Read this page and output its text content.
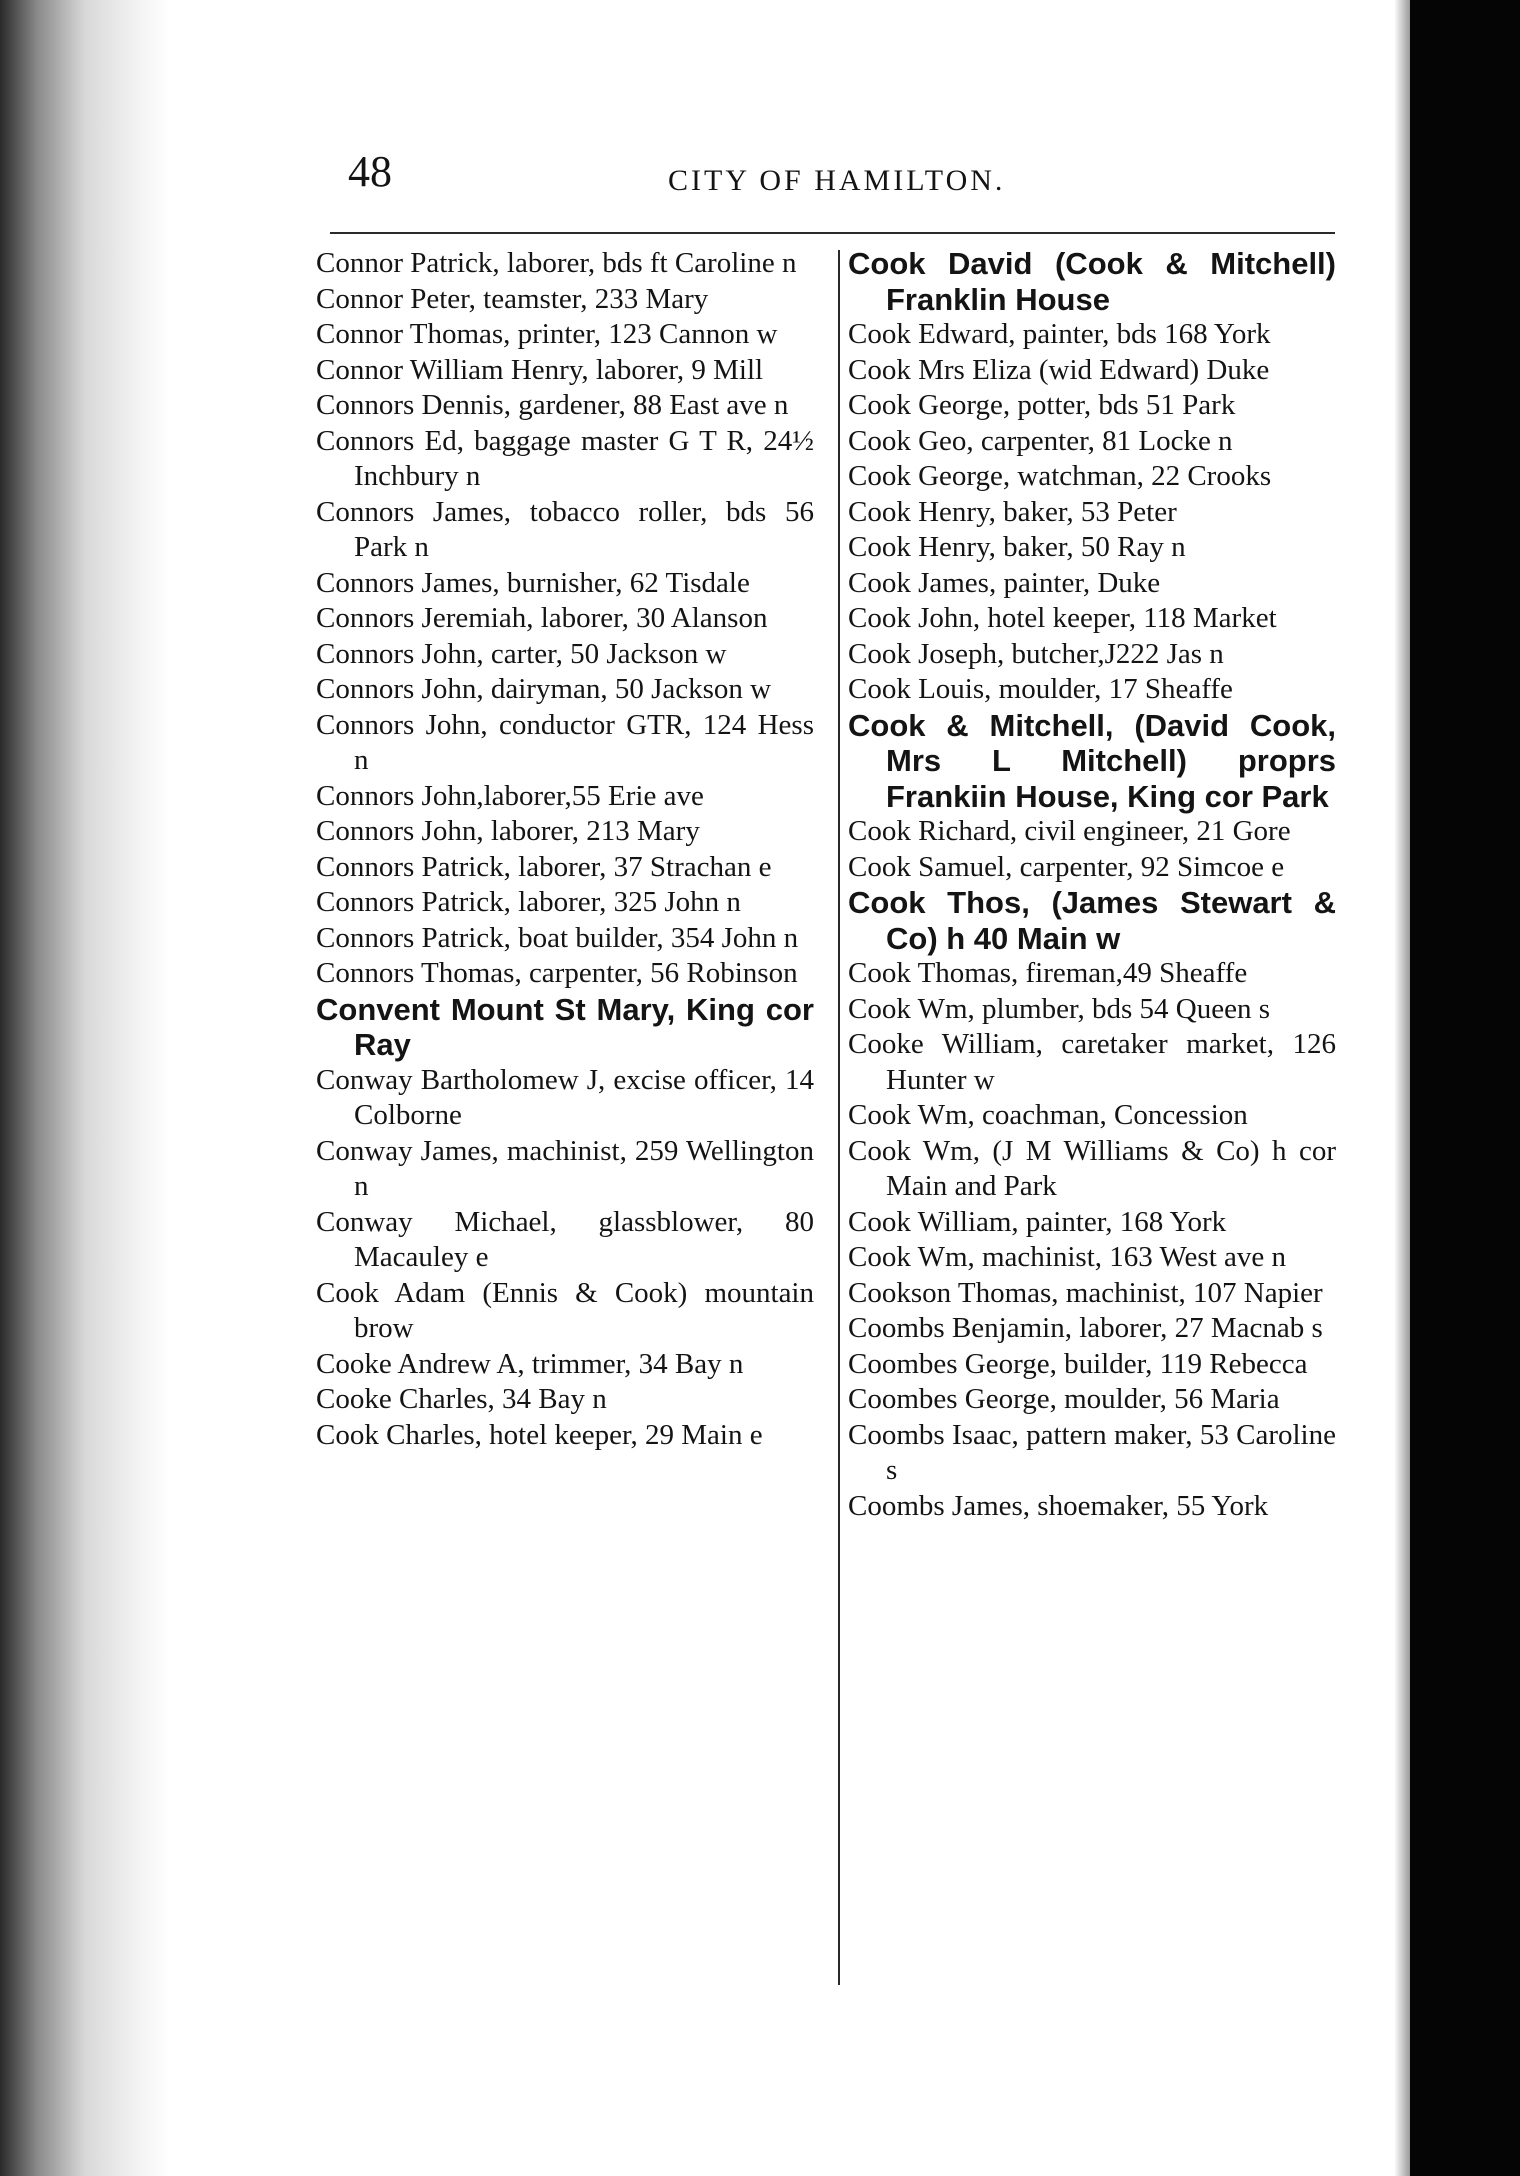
48	CITY OF HAMILTON.
Connor Patrick, laborer, bds ft Caroline n
Connor Peter, teamster, 233 Mary
Connor Thomas, printer, 123 Cannon w
Connor William Henry, laborer, 9 Mill
Connors Dennis, gardener, 88 East ave n
Connors Ed, baggage master G T R, 24½ Inchbury n
Connors James, tobacco roller, bds 56 Park n
Connors James, burnisher, 62 Tisdale
Connors Jeremiah, laborer, 30 Alanson
Connors John, carter, 50 Jackson w
Connors John, dairyman, 50 Jackson w
Connors John, conductor GTR, 124 Hess n
Connors John,laborer,55 Erie ave
Connors John, laborer, 213 Mary
Connors Patrick, laborer, 37 Strachan e
Connors Patrick, laborer, 325 John n
Connors Patrick, boat builder, 354 John n
Connors Thomas, carpenter, 56 Robinson
Convent Mount St Mary, King cor Ray
Conway Bartholomew J, excise officer, 14 Colborne
Conway James, machinist, 259 Wellington n
Conway Michael, glassblower, 80 Macauley e
Cook Adam (Ennis & Cook) mountain brow
Cooke Andrew A, trimmer, 34 Bay n
Cooke Charles, 34 Bay n
Cook Charles, hotel keeper, 29 Main e
Cook David (Cook & Mitchell) Franklin House
Cook Edward, painter, bds 168 York
Cook Mrs Eliza (wid Edward) Duke
Cook George, potter, bds 51 Park
Cook Geo, carpenter, 81 Locke n
Cook George, watchman, 22 Crooks
Cook Henry, baker, 53 Peter
Cook Henry, baker, 50 Ray n
Cook James, painter, Duke
Cook John, hotel keeper, 118 Market
Cook Joseph, butcher,J222 Jas n
Cook Louis, moulder, 17 Sheaffe
Cook & Mitchell, (David Cook, Mrs L Mitchell) proprs Frankiin House, King cor Park
Cook Richard, civil engineer, 21 Gore
Cook Samuel, carpenter, 92 Simcoe e
Cook Thos, (James Stewart & Co) h 40 Main w
Cook Thomas, fireman,49 Sheaffe
Cook Wm, plumber, bds 54 Queen s
Cooke William, caretaker market, 126 Hunter w
Cook Wm, coachman, Concession
Cook Wm, (J M Williams & Co) h cor Main and Park
Cook William, painter, 168 York
Cook Wm, machinist, 163 West ave n
Cookson Thomas, machinist, 107 Napier
Coombs Benjamin, laborer, 27 Macnab s
Coombes George, builder, 119 Rebecca
Coombes George, moulder, 56 Maria
Coombs Isaac, pattern maker, 53 Caroline s
Coombs James, shoemaker, 55 York
